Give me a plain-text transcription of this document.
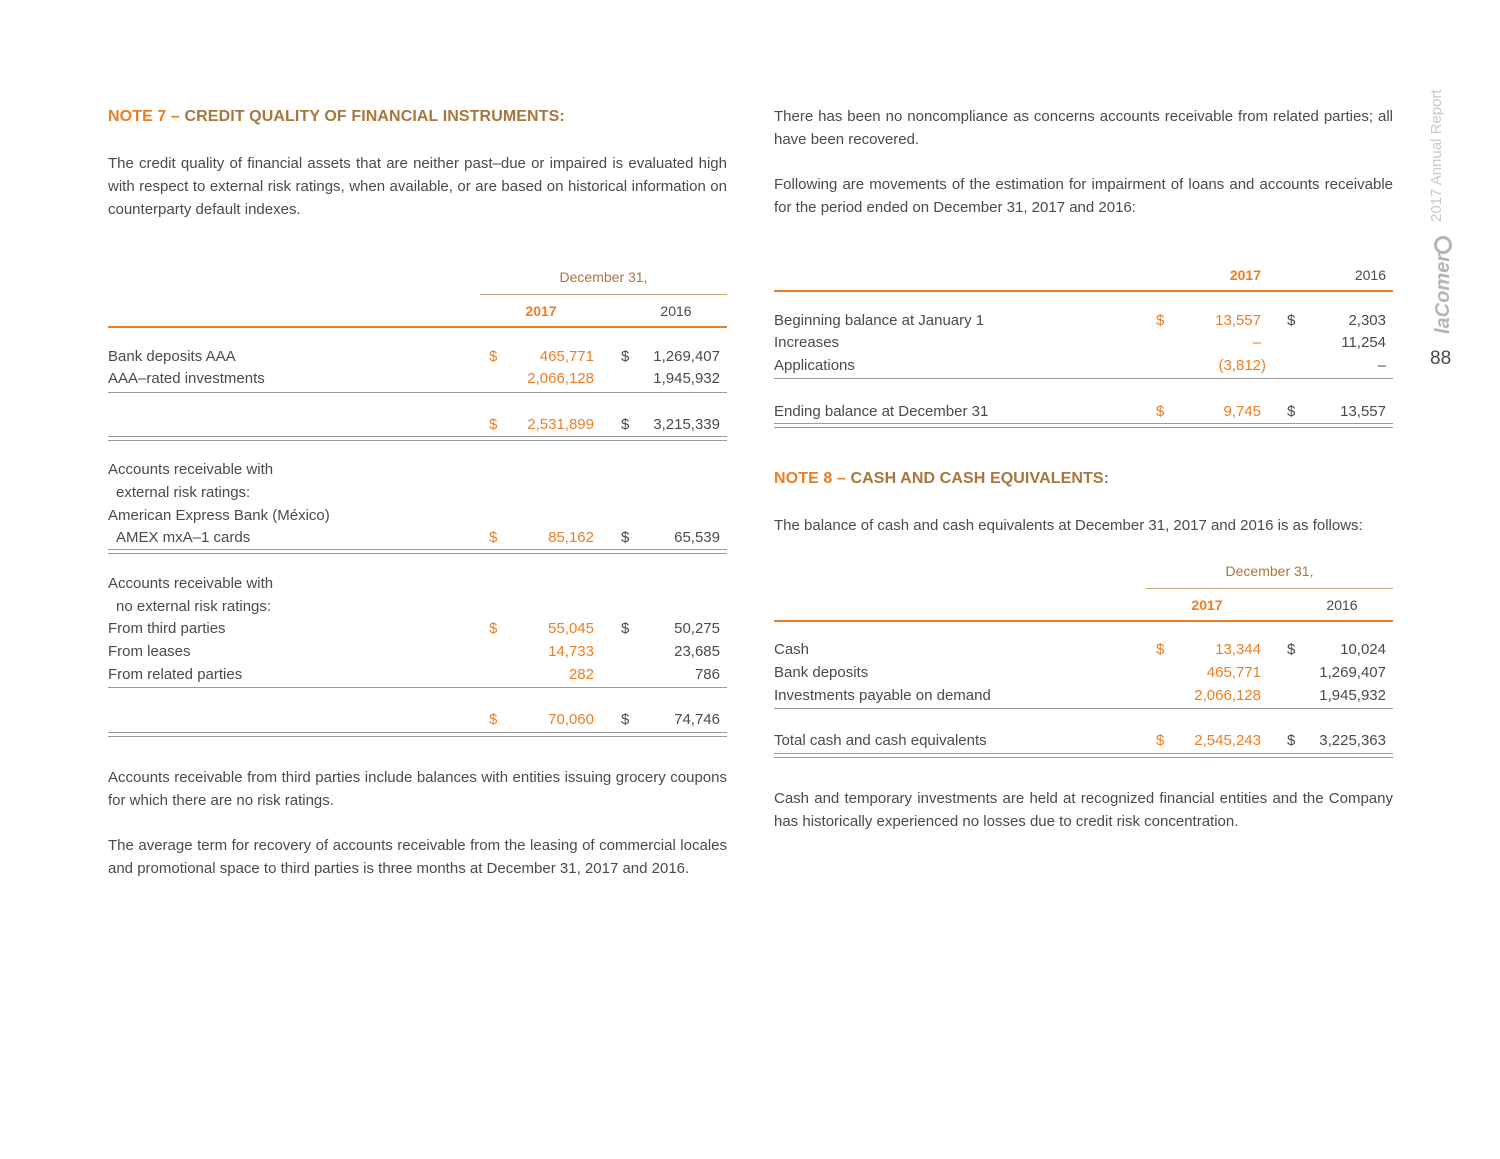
2017 Annual Report
laComer
88
NOTE 7 – CREDIT QUALITY OF FINANCIAL INSTRUMENTS:
The credit quality of financial assets that are neither past–due or impaired is evaluated high with respect to external risk ratings, when available, or are based on historical information on counterparty default indexes.
December 31,
2017	2016
Bank deposits AAA	$	465,771 $	1,269,407
AAA–rated investments	2,066,128	1,945,932
$	2,531,899 $	3,215,339
Accounts receivable with
external risk ratings:
American Express Bank (México)
AMEX mxA–1 cards	$	85,162 $	65,539
Accounts receivable with
no external risk ratings:
From third parties	$	55,045 $	50,275
From leases	14,733	23,685
From related parties	282	786
$	70,060 $	74,746
Accounts receivable from third parties include balances with entities issuing grocery coupons for which there are no risk ratings.
The average term for recovery of accounts receivable from the leasing of commercial locales and promotional space to third parties is three months at December 31, 2017 and 2016.
There has been no noncompliance as concerns accounts receivable from related parties; all have been recovered.
Following are movements of the estimation for impairment of loans and accounts receivable for the period ended on December 31, 2017 and 2016:
2017	2016
Beginning balance at January 1	$	13,557 $	2,303
Increases	–	11,254
Applications	(3,812)	–
Ending balance at December 31	$	9,745 $	13,557
NOTE 8 – CASH AND CASH EQUIVALENTS:
The balance of cash and cash equivalents at December 31, 2017 and 2016 is as follows:
December 31,
2017	2016
Cash	$	13,344 $	10,024
Bank deposits	465,771	1,269,407
Investments payable on demand	2,066,128	1,945,932
Total cash and cash equivalents	$	2,545,243 $	3,225,363
Cash and temporary investments are held at recognized financial entities and the Company has historically experienced no losses due to credit risk concentration.
